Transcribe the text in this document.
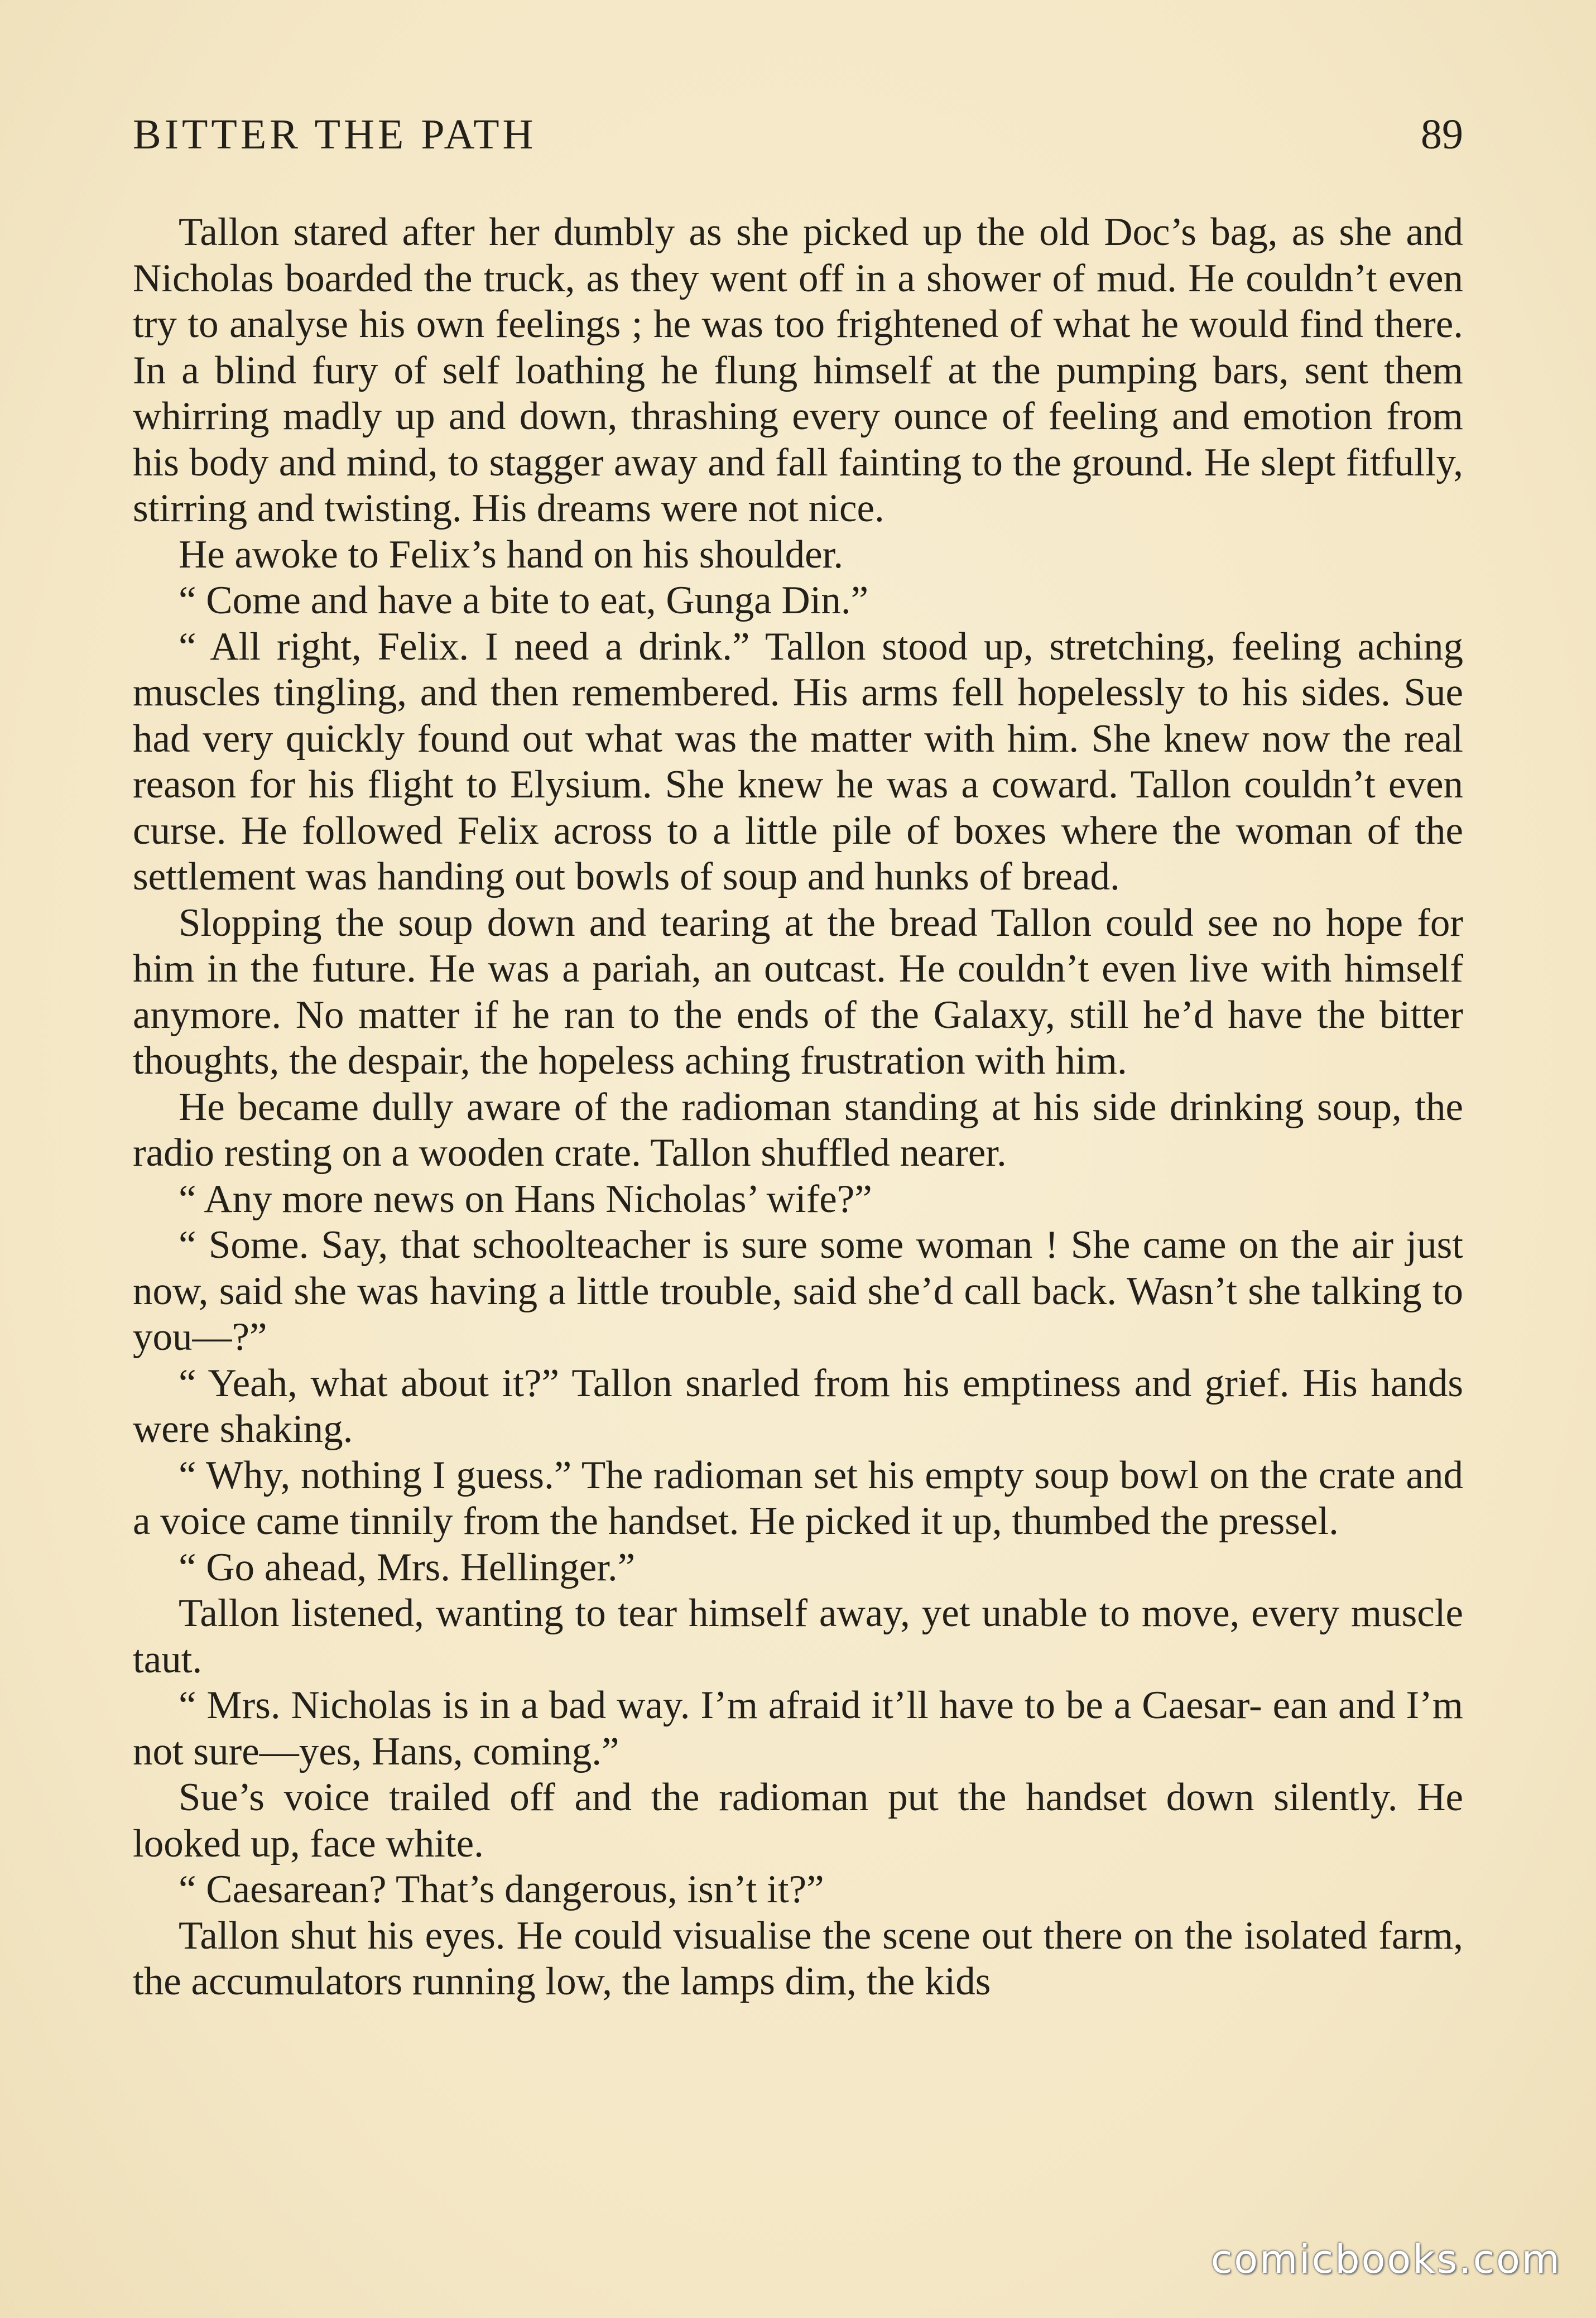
BITTER THE PATH	89

Tallon stared after her dumbly as she picked up the old Doc’s bag, as she and Nicholas boarded the truck, as they went off in a shower of mud. He couldn’t even try to analyse his own feelings ; he was too frightened of what he would find there. In a blind fury of self loathing he flung himself at the pumping bars, sent them whirring madly up and down, thrashing every ounce of feeling and emotion from his body and mind, to stagger away and fall fainting to the ground. He slept fitfully, stirring and twisting. His dreams were not nice.

He awoke to Felix’s hand on his shoulder.

“ Come and have a bite to eat, Gunga Din.”

“ All right, Felix. I need a drink.” Tallon stood up, stretching, feeling aching muscles tingling, and then remembered. His arms fell hopelessly to his sides. Sue had very quickly found out what was the matter with him. She knew now the real reason for his flight to Elysium. She knew he was a coward. Tallon couldn’t even curse. He followed Felix across to a little pile of boxes where the woman of the settlement was handing out bowls of soup and hunks of bread.

Slopping the soup down and tearing at the bread Tallon could see no hope for him in the future. He was a pariah, an outcast. He couldn’t even live with himself anymore. No matter if he ran to the ends of the Galaxy, still he’d have the bitter thoughts, the despair, the hopeless aching frustration with him.

He became dully aware of the radioman standing at his side drinking soup, the radio resting on a wooden crate. Tallon shuffled nearer.

“ Any more news on Hans Nicholas’ wife?”

“ Some. Say, that schoolteacher is sure some woman ! She came on the air just now, said she was having a little trouble, said she’d call back. Wasn’t she talking to you—?”

“ Yeah, what about it?” Tallon snarled from his emptiness and grief. His hands were shaking.

“ Why, nothing I guess.” The radioman set his empty soup bowl on the crate and a voice came tinnily from the handset. He picked it up, thumbed the pressel.

“ Go ahead, Mrs. Hellinger.”

Tallon listened, wanting to tear himself away, yet unable to move, every muscle taut.

“ Mrs. Nicholas is in a bad way. I’m afraid it’ll have to be a Caesar- ean and I’m not sure—yes, Hans, coming.”

Sue’s voice trailed off and the radioman put the handset down silently. He looked up, face white.

“ Caesarean? That’s dangerous, isn’t it?”

Tallon shut his eyes. He could visualise the scene out there on the isolated farm, the accumulators running low, the lamps dim, the kids

comicbooks.com
